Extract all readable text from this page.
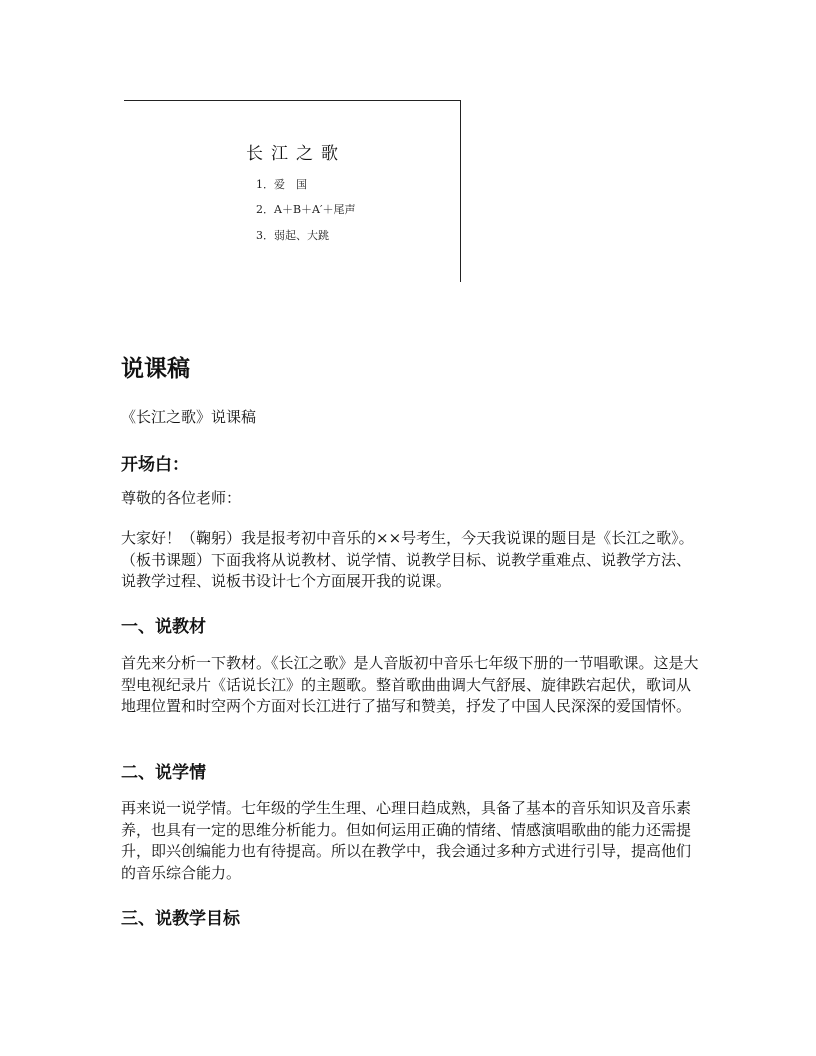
长江之歌
1．爱　国
2．A＋B＋A′＋尾声
3．弱起、大跳
说课稿
《长江之歌》说课稿
开场白：

尊敬的各位老师：

大家好！（鞠躬）我是报考初中音乐的××号考生，今天我说课的题目是《长江之歌》。（板书课题）下面我将从说教材、说学情、说教学目标、说教学重难点、说教学方法、说教学过程、说板书设计七个方面展开我的说课。

一、说教材

首先来分析一下教材。《长江之歌》是人音版初中音乐七年级下册的一节唱歌课。这是大型电视纪录片《话说长江》的主题歌。整首歌曲曲调大气舒展、旋律跌宕起伏，歌词从地理位置和时空两个方面对长江进行了描写和赞美，抒发了中国人民深深的爱国情怀。

二、说学情

再来说一说学情。七年级的学生生理、心理日趋成熟，具备了基本的音乐知识及音乐素养，也具有一定的思维分析能力。但如何运用正确的情绪、情感演唱歌曲的能力还需提升，即兴创编能力也有待提高。所以在教学中，我会通过多种方式进行引导，提高他们的音乐综合能力。

三、说教学目标
